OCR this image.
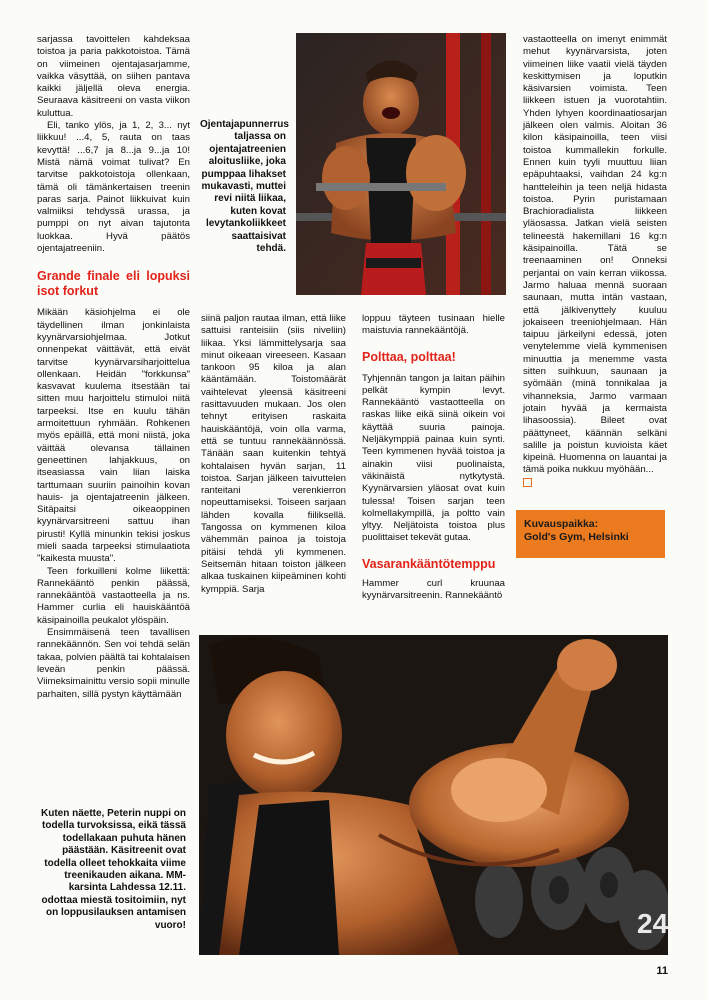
sarjassa tavoittelen kahdeksaa toistoa ja paria pakkotoistoa. Tämä on viimeinen ojentajasarjamme, vaikka väsyttää, on siihen pantava kaikki jäljellä oleva energia. Seuraava käsitreeni on vasta viikon kuluttua.

Eli, tanko ylös, ja 1, 2, 3... nyt liikkuu! ...4, 5, rauta on taas kevyttä! ...6,7 ja 8...ja 9...ja 10! Mistä nämä voimat tulivat? En tarvitse pakkotoistoja ollenkaan, tämä oli tämänkertaisen treenin paras sarja. Painot liikkuivat kuin valmiiksi tehdyssä urassa, ja pumppi on nyt aivan tajutonta luokkaa. Hyvä päätös ojentajatreeniin.

Grande finale eli lopuksi isot forkut

Mikään käsiohjelma ei ole täydellinen ilman jonkinlaista kyynärvarsiohjelmaa. Jotkut onnenpekat väittävät, että eivät tarvitse kyynärvarsiharjoittelua ollenkaan. Heidän "forkkunsa" kasvavat kuulema itsestään tai sitten muu harjoittelu stimuloi niitä tarpeeksi. Itse en kuulu tähän armoitettuun ryhmään. Rohkenen myös epäillä, että moni niistä, joka väittää olevansa tällainen geneettinen lahjakkuus, on itseasiassa vain liian laiska tarttumaan suuriin painoihin kovan hauis- ja ojentajatreenin jälkeen. Sitäpaitsi oikeaoppinen kyynärvarsitreeni sattuu ihan pirusti! Kyllä minunkin tekisi joskus mieli saada tarpeeksi stimulaatiota "kaikesta muusta".

Teen forkuilleni kolme liikettä: Rannekääntö penkin päässä, rannekääntöä vastaotteella ja ns. Hammer curlia eli hauiskääntöä käsipainoilla peukalot ylöspäin.

Ensimmäisenä teen tavallisen rannekäännön. Sen voi tehdä selän takaa, polvien päältä tai kohtalaisen leveän penkin päässä. Viimeksimainittu versio sopii minulle parhaiten, sillä pystyn käyttämään

Ojentajapunnerrus taljassa on ojentajatreenien aloitusliike, joka pumppaa lihakset mukavasti, muttei revi niitä liikaa, kuten kovat levytankoliikkeet saattaisivat tehdä.

siinä paljon rautaa ilman, että liike sattuisi ranteisiin (siis niveliin) liikaa. Yksi lämmittelysarja saa minut oikeaan vireeseen. Kasaan tankoon 95 kiloa ja alan kääntämään. Toistomäärät vaihtelevat yleensä käsitreeni rasittavuuden mukaan. Jos olen tehnyt erityisen raskaita hauiskääntöjä, voin olla varma, että se tuntuu rannekäännössä. Tänään saan kuitenkin tehtyä kohtalaisen hyvän sarjan, 11 toistoa. Sarjan jälkeen taivuttelen ranteitani verenkierron nopeuttamiseksi. Toiseen sarjaan lähden kovalla fiiliksellä. Tangossa on kymmenen kiloa vähemmän painoa ja toistoja pitäisi tehdä yli kymmenen. Seitsemän hitaan toiston jälkeen alkaa tuskainen kiipeäminen kohti kymppiä. Sarja

loppuu täyteen tusinaan hielle maistuvia rannekääntöjä.

Polttaa, polttaa!

Tyhjennän tangon ja laitan päihin pelkät kympin levyt. Rannekääntö vastaotteella on raskas liike eikä siinä oikein voi käyttää suuria painoja. Neljäkymppiä painaa kuin synti. Teen kymmenen hyvää toistoa ja ainakin viisi puolinaista, väkinäistä nytkytystä. Kyynärvarsien yläosat ovat kuin tulessa! Toisen sarjan teen kolmellakympillä, ja poltto vain yltyy. Neljätoista toistoa plus puolittaiset tekevät gutaa.

Vasarankääntötemppu

Hammer curl kruunaa kyynärvarsitreenin. Rannekääntö

vastaotteella on imenyt enimmät mehut kyynärvarsista, joten viimeinen liike vaatii vielä täyden keskittymisen ja loputkin käsivarsien voimista. Teen liikkeen istuen ja vuorotahtiin. Yhden lyhyen koordinaatiosarjan jälkeen olen valmis. Aloitan 36 kilon käsipainoilla, teen viisi toistoa kummallekin forkulle. Ennen kuin tyyli muuttuu liian epäpuhtaaksi, vaihdan 24 kg:n hantteleihin ja teen neljä hidasta toistoa. Pyrin puristamaan Brachioradialista liikkeen yläosassa. Jatkan vielä seisten telineestä hakemillani 16 kg:n käsipainoilla. Tätä se treenaaminen on! Onneksi perjantai on vain kerran viikossa. Jarmo haluaa mennä suoraan saunaan, mutta intän vastaan, että jälkivenyttely kuuluu jokaiseen treeniohjelmaan. Hän taipuu järkeilyni edessä, joten venytelemme vielä kymmenisen minuuttia ja menemme vasta sitten suihkuun, saunaan ja syömään (minä tonnikalaa ja vihanneksia, Jarmo varmaan jotain hyvää ja kermaista lihasoossia). Bileet ovat päättyneet, käännän selkäni salille ja poistun kuvioista käet kipeinä. Huomenna on lauantai ja tämä poika nukkuu myöhään...

Kuvauspaikka:
Gold's Gym, Helsinki
24
Kuten näette, Peterin nuppi on todella turvoksissa, eikä tässä todellakaan puhuta hänen päästään. Käsitreenit ovat todella olleet tehokkaita viime treenikauden aikana. MM-karsinta Lahdessa 12.11. odottaa miestä tositoimiin, nyt on loppusilauksen antamisen vuoro!
11
